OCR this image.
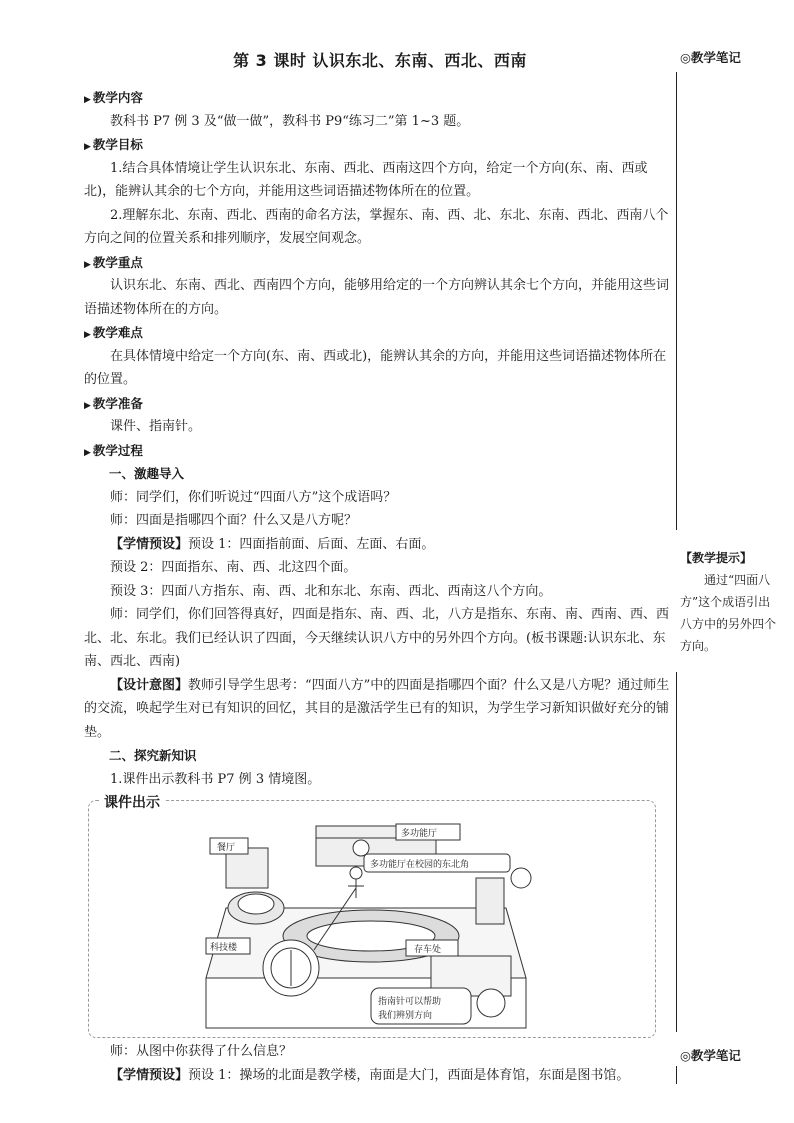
第 3 课时 认识东北、东南、西北、西南	◎教学笔记
【教学提示】
通过“四面八方”这个成语引出八方中的另外四个方向。
◎教学笔记
▶ 教学内容

教科书 P7 例 3 及“做一做”，教科书 P9“练习二”第 1~3 题。

▶ 教学目标

1.结合具体情境让学生认识东北、东南、西北、西南这四个方向，给定一个方向(东、南、西或北)，能辨认其余的七个方向，并能用这些词语描述物体所在的位置。

2.理解东北、东南、西北、西南的命名方法，掌握东、南、西、北、东北、东南、西北、西南八个方向之间的位置关系和排列顺序，发展空间观念。

▶ 教学重点

认识东北、东南、西北、西南四个方向，能够用给定的一个方向辨认其余七个方向，并能用这些词语描述物体所在的方向。

▶ 教学难点

在具体情境中给定一个方向(东、南、西或北)，能辨认其余的方向，并能用这些词语描述物体所在的位置。

▶ 教学准备

课件、指南针。

▶ 教学过程

一、激趣导入

师：同学们，你们听说过“四面八方”这个成语吗？

师：四面是指哪四个面？什么又是八方呢？

【学情预设】预设 1：四面指前面、后面、左面、右面。

预设 2：四面指东、南、西、北这四个面。

预设 3：四面八方指东、南、西、北和东北、东南、西北、西南这八个方向。

师：同学们，你们回答得真好，四面是指东、南、西、北，八方是指东、东南、南、西南、西、西北、北、东北。我们已经认识了四面，今天继续认识八方中的另外四个方向。(板书课题:认识东北、东南、西北、西南)

【设计意图】教师引导学生思考：“四面八方”中的四面是指哪四个面？什么又是八方呢？通过师生的交流，唤起学生对已有知识的回忆，其目的是激活学生已有的知识，为学生学习新知识做好充分的铺垫。

二、探究新知识

1.课件出示教科书 P7 例 3 情境图。

课件出示
餐厅
多功能厅
多功能厅在校园的东北角
科技楼	存车处
指南针可以帮助
我们辨别方向

师：从图中你获得了什么信息？

【学情预设】预设 1：操场的北面是教学楼，南面是大门，西面是体育馆，东面是图书馆。
